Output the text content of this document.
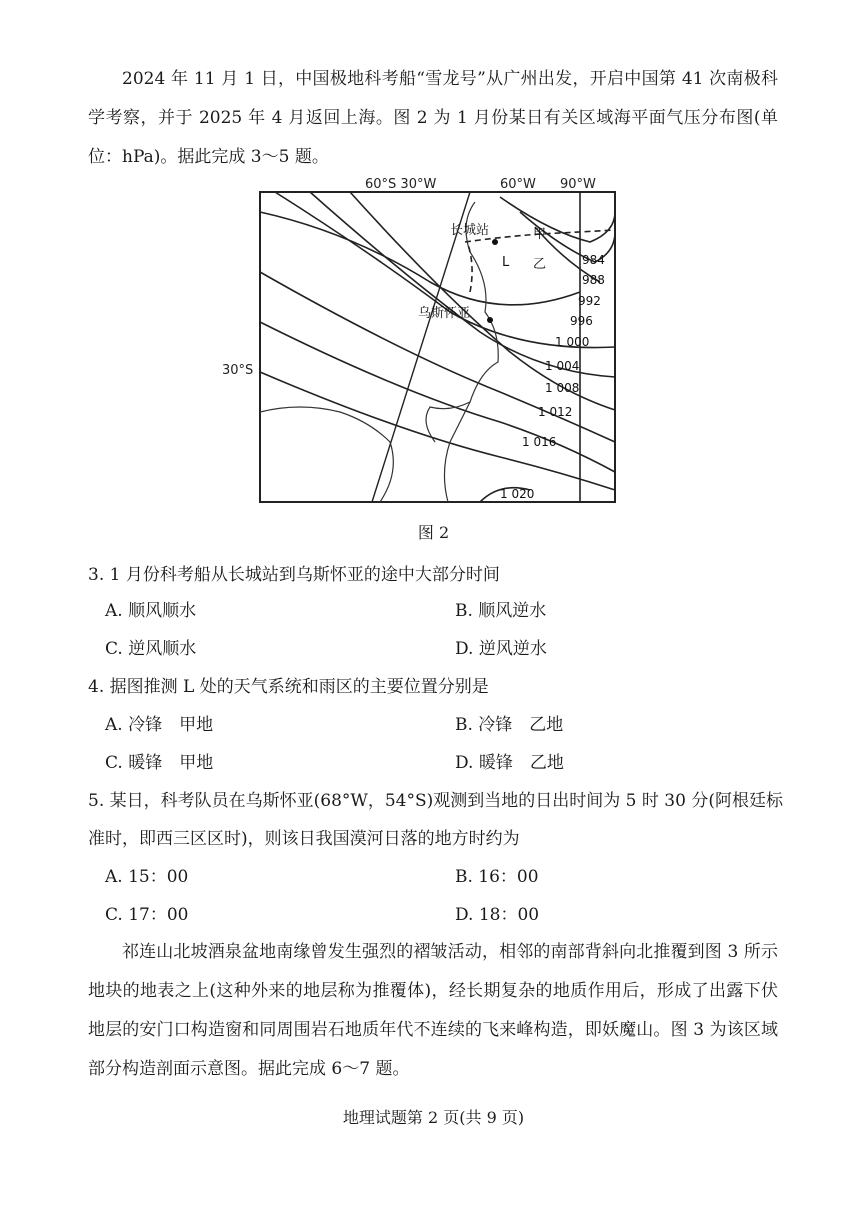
2024 年 11 月 1 日，中国极地科考船“雪龙号”从广州出发，开启中国第 41 次南极科学考察，并于 2025 年 4 月返回上海。图 2 为 1 月份某日有关区域海平面气压分布图(单位：hPa)。据此完成 3～5 题。

60°S 30°W	60°W 90°W
30°S
长城站
乌斯怀亚
甲
乙
L	984
988
992
996
1 000
1 004
1 008
1 012
1 016
1 020
图 2
3. 1 月份科考船从长城站到乌斯怀亚的途中大部分时间
A. 顺风顺水	B. 顺风逆水
C. 逆风顺水	D. 逆风逆水
4. 据图推测 L 处的天气系统和雨区的主要位置分别是
A. 冷锋　甲地	B. 冷锋　乙地
C. 暖锋　甲地	D. 暖锋　乙地
5. 某日，科考队员在乌斯怀亚(68°W，54°S)观测到当地的日出时间为 5 时 30 分(阿根廷标
准时，即西三区区时)，则该日我国漠河日落的地方时约为
A. 15：00	B. 16：00
C. 17：00	D. 18：00

祁连山北坡酒泉盆地南缘曾发生强烈的褶皱活动，相邻的南部背斜向北推覆到图 3 所示地块的地表之上(这种外来的地层称为推覆体)，经长期复杂的地质作用后，形成了出露下伏地层的安门口构造窗和同周围岩石地质年代不连续的飞来峰构造，即妖魔山。图 3 为该区域部分构造剖面示意图。据此完成 6～7 题。

地理试题第 2 页(共 9 页)
